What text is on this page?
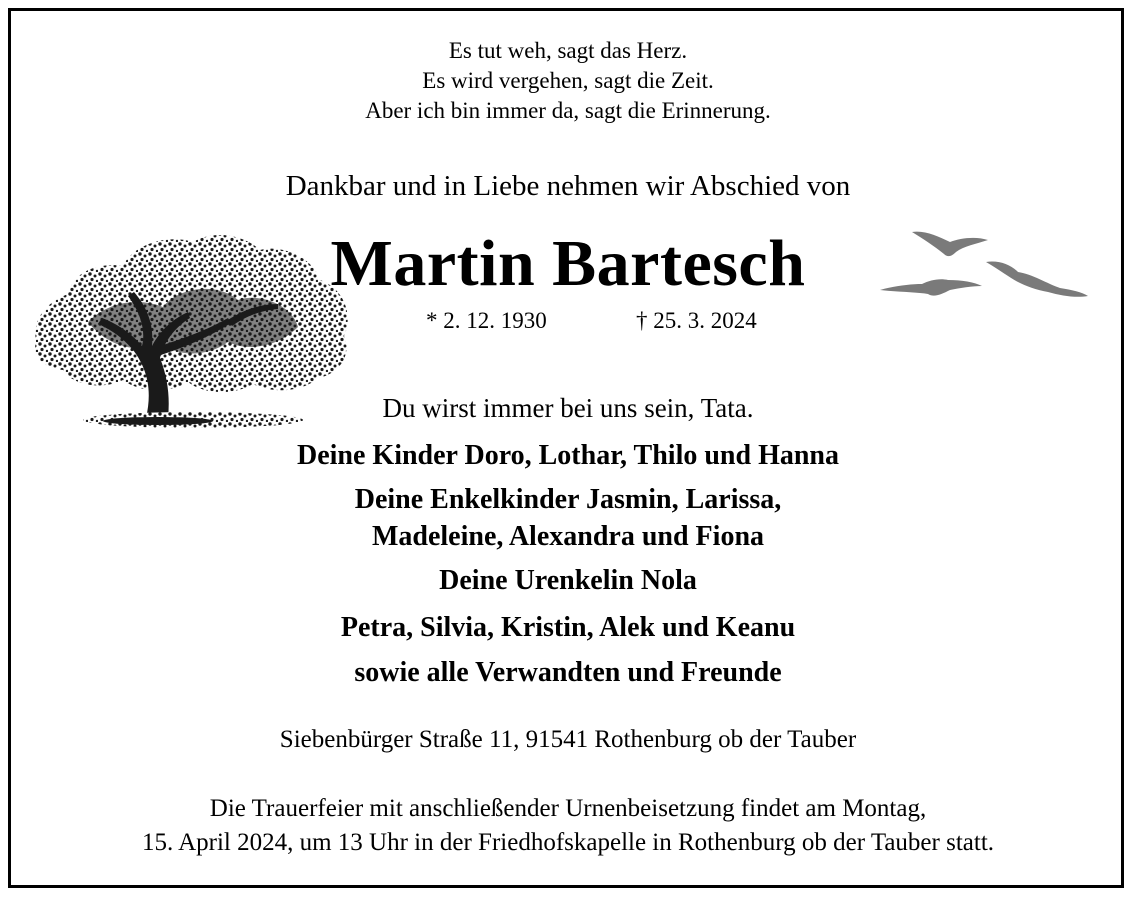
Es tut weh, sagt das Herz.
Es wird vergehen, sagt die Zeit.
Aber ich bin immer da, sagt die Erinnerung.
Dankbar und in Liebe nehmen wir Abschied von
Martin Bartesch
* 2. 12. 1930	† 25. 3. 2024
Du wirst immer bei uns sein, Tata.
Deine Kinder Doro, Lothar, Thilo und Hanna
Deine Enkelkinder Jasmin, Larissa,
Madeleine, Alexandra und Fiona
Deine Urenkelin Nola
Petra, Silvia, Kristin, Alek und Keanu
sowie alle Verwandten und Freunde
Siebenbürger Straße 11, 91541 Rothenburg ob der Tauber
Die Trauerfeier mit anschließender Urnenbeisetzung findet am Montag,
15. April 2024, um 13 Uhr in der Friedhofskapelle in Rothenburg ob der Tauber statt.
